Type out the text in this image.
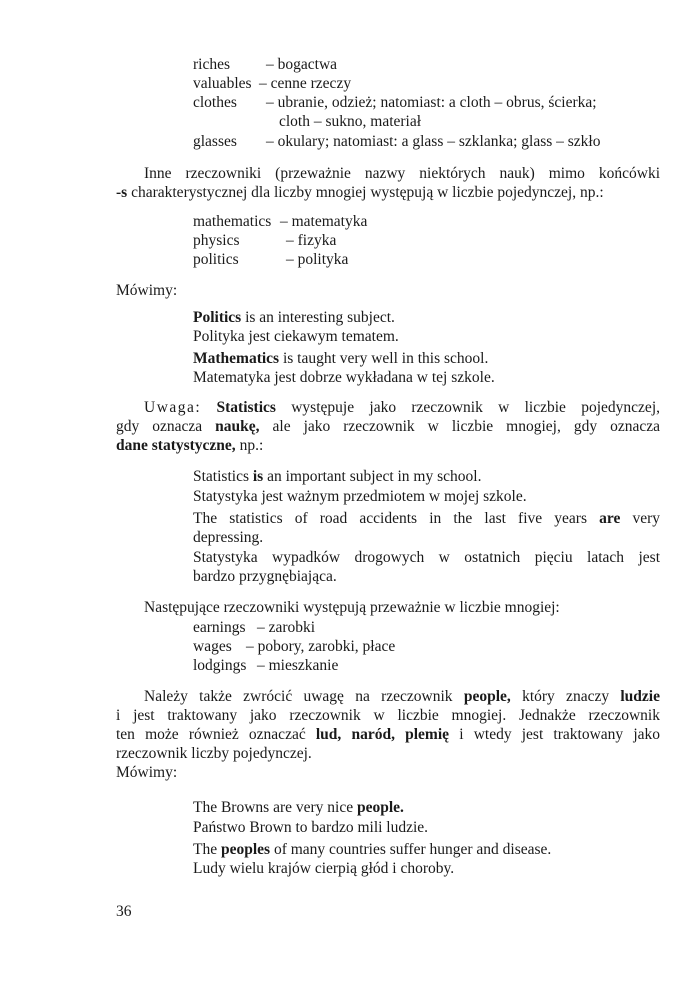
riches – bogactwa
valuables – cenne rzeczy
clothes – ubranie, odzież; natomiast: a cloth – obrus, ścierka;
cloth – sukno, materiał
glasses – okulary; natomiast: a glass – szklanka; glass – szkło
Inne rzeczowniki (przeważnie nazwy niektórych nauk) mimo końcówki
-s charakterystycznej dla liczby mnogiej występują w liczbie pojedynczej, np.:
mathematics – matematyka
physics	– fizyka
politics	– polityka
Mówimy:
Politics is an interesting subject.
Polityka jest ciekawym tematem.
Mathematics is taught very well in this school.
Matematyka jest dobrze wykładana w tej szkole.
Uwaga: Statistics występuje jako rzeczownik w liczbie pojedynczej,
gdy oznacza naukę, ale jako rzeczownik w liczbie mnogiej, gdy oznacza
dane statystyczne, np.:
Statistics is an important subject in my school.
Statystyka jest ważnym przedmiotem w mojej szkole.
The statistics of road accidents in the last five years are very
depressing.
Statystyka wypadków drogowych w ostatnich pięciu latach jest
bardzo przygnębiająca.
Następujące rzeczowniki występują przeważnie w liczbie mnogiej:
earnings – zarobki
wages – pobory, zarobki, płace
lodgings – mieszkanie
Należy także zwrócić uwagę na rzeczownik people, który znaczy ludzie
i jest traktowany jako rzeczownik w liczbie mnogiej. Jednakże rzeczownik
ten może również oznaczać lud, naród, plemię i wtedy jest traktowany jako
rzeczownik liczby pojedynczej.
Mówimy:
The Browns are very nice people.
Państwo Brown to bardzo mili ludzie.
The peoples of many countries suffer hunger and disease.
Ludy wielu krajów cierpią głód i choroby.
36
